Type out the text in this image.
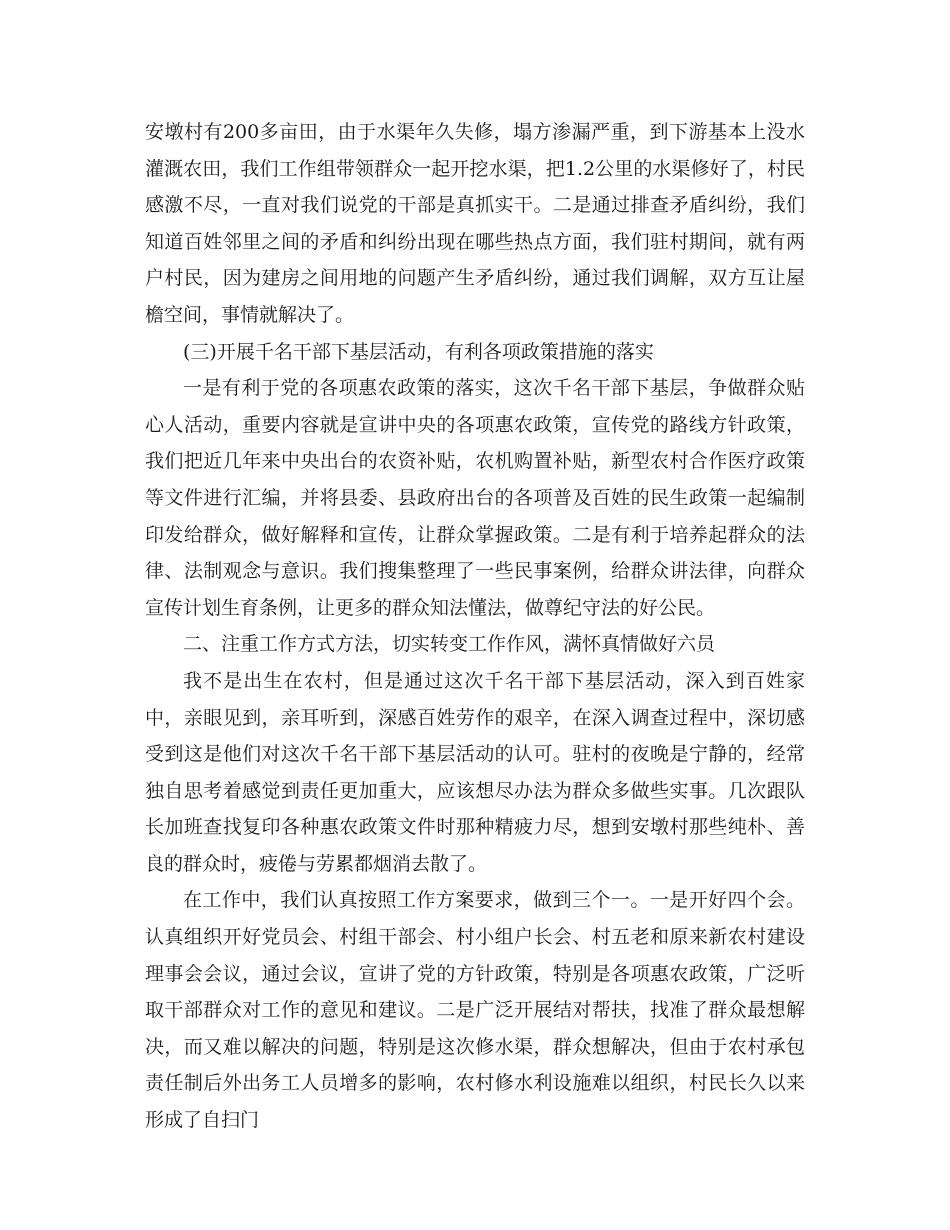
安墩村有200多亩田，由于水渠年久失修，塌方渗漏严重，到下游基本上没水灌溉农田，我们工作组带领群众一起开挖水渠，把1.2公里的水渠修好了，村民感激不尽，一直对我们说党的干部是真抓实干。二是通过排查矛盾纠纷，我们知道百姓邻里之间的矛盾和纠纷出现在哪些热点方面，我们驻村期间，就有两户村民，因为建房之间用地的问题产生矛盾纠纷，通过我们调解，双方互让屋檐空间，事情就解决了。

(三)开展千名干部下基层活动，有利各项政策措施的落实

一是有利于党的各项惠农政策的落实，这次千名干部下基层，争做群众贴心人活动，重要内容就是宣讲中央的各项惠农政策，宣传党的路线方针政策，我们把近几年来中央出台的农资补贴，农机购置补贴，新型农村合作医疗政策等文件进行汇编，并将县委、县政府出台的各项普及百姓的民生政策一起编制印发给群众，做好解释和宣传，让群众掌握政策。二是有利于培养起群众的法律、法制观念与意识。我们搜集整理了一些民事案例，给群众讲法律，向群众宣传计划生育条例，让更多的群众知法懂法，做尊纪守法的好公民。

二、注重工作方式方法，切实转变工作作风，满怀真情做好六员

我不是出生在农村，但是通过这次千名干部下基层活动，深入到百姓家中，亲眼见到，亲耳听到，深感百姓劳作的艰辛，在深入调查过程中，深切感受到这是他们对这次千名干部下基层活动的认可。驻村的夜晚是宁静的，经常独自思考着感觉到责任更加重大，应该想尽办法为群众多做些实事。几次跟队长加班查找复印各种惠农政策文件时那种精疲力尽，想到安墩村那些纯朴、善良的群众时，疲倦与劳累都烟消去散了。

在工作中，我们认真按照工作方案要求，做到三个一。一是开好四个会。认真组织开好党员会、村组干部会、村小组户长会、村五老和原来新农村建设理事会会议，通过会议，宣讲了党的方针政策，特别是各项惠农政策，广泛听取干部群众对工作的意见和建议。二是广泛开展结对帮扶，找准了群众最想解决，而又难以解决的问题，特别是这次修水渠，群众想解决，但由于农村承包责任制后外出务工人员增多的影响，农村修水利设施难以组织，村民长久以来形成了自扫门
